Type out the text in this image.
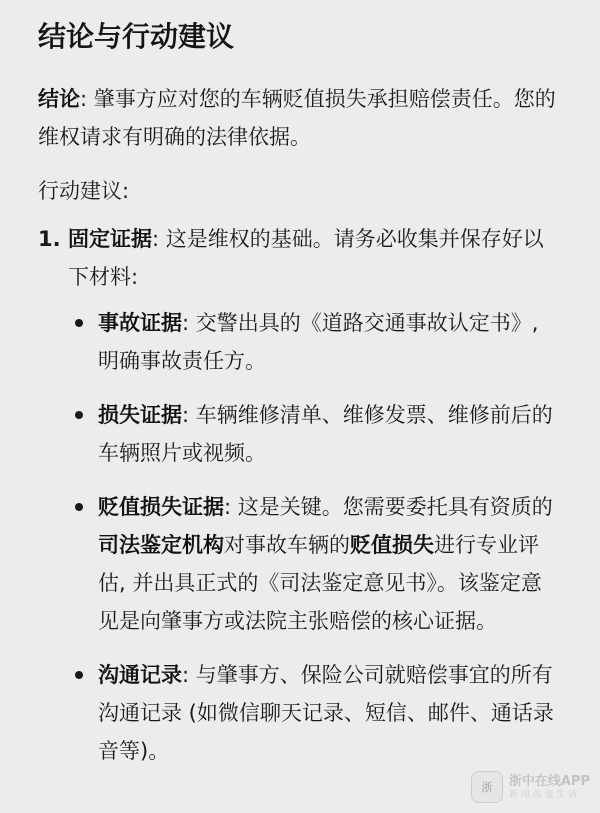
结论与行动建议

结论: 肇事方应对您的车辆贬值损失承担赔偿责任。您的维权请求有明确的法律依据。

行动建议:

1. 固定证据: 这是维权的基础。请务必收集并保存好以下材料:
事故证据: 交警出具的《道路交通事故认定书》, 明确事故责任方。
损失证据: 车辆维修清单、维修发票、维修前后的车辆照片或视频。
贬值损失证据: 这是关键。您需要委托具有资质的司法鉴定机构对事故车辆的贬值损失进行专业评估, 并出具正式的《司法鉴定意见书》。该鉴定意见是向肇事方或法院主张赔偿的核心证据。
沟通记录: 与肇事方、保险公司就赔偿事宜的所有沟通记录 (如微信聊天记录、短信、邮件、通话录音等)。
浙	浙中在线APP
新 闻 改 变 生 活
